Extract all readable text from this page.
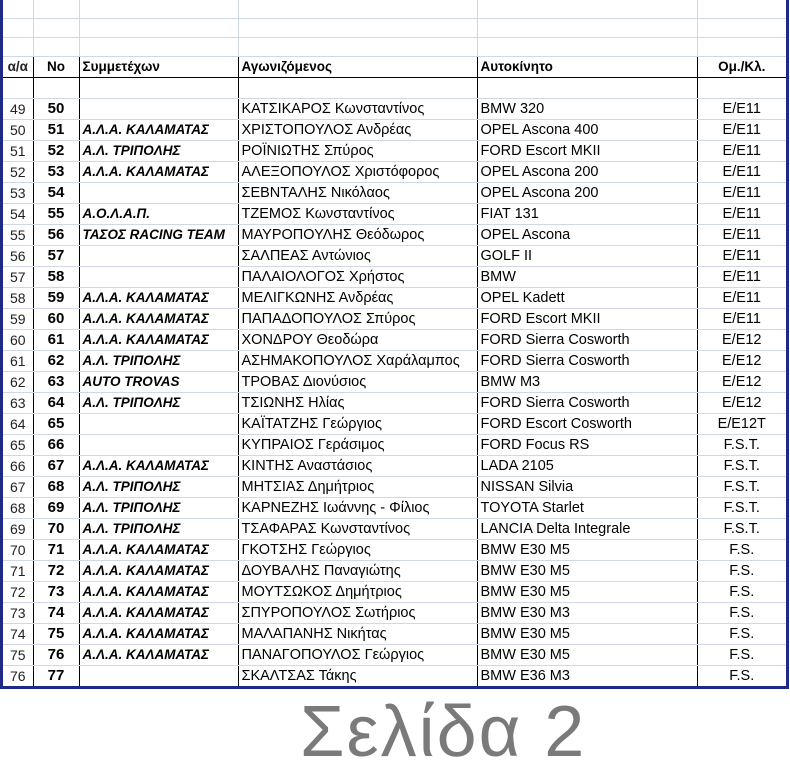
α/α	Νο	Συμμετέχων	Αγωνιζόμενος	Αυτοκίνητο	Ομ./Κλ.

49	50		ΚΑΤΣΙΚΑΡΟΣ Κωνσταντίνος	BMW 320	E/E11
50	51	Α.Λ.Α. ΚΑΛΑΜΑΤΑΣ	ΧΡΙΣΤΟΠΟΥΛΟΣ Ανδρέας	OPEL Ascona 400	E/E11
51	52	Α.Λ. ΤΡΙΠΟΛΗΣ	ΡΟΪΝΙΩΤΗΣ Σπύρος	FORD Escort MKII	E/E11
52	53	Α.Λ.Α. ΚΑΛΑΜΑΤΑΣ	ΑΛΕΞΟΠΟΥΛΟΣ Χριστόφορος	OPEL Ascona 200	E/E11
53	54		ΣΕΒΝΤΑΛΗΣ Νικόλαος	OPEL Ascona 200	E/E11
54	55	Α.Ο.Λ.Α.Π.	ΤΖΕΜΟΣ Κωνσταντίνος	FIAT 131	E/E11
55	56	ΤΑΣΟΣ RACING TEAM	ΜΑΥΡΟΠΟΥΛΗΣ Θεόδωρος	OPEL Ascona	E/E11
56	57		ΣΑΛΠΕΑΣ Αντώνιος	GOLF II	E/E11
57	58		ΠΑΛΑΙΟΛΟΓΟΣ Χρήστος	BMW	E/E11
58	59	Α.Λ.Α. ΚΑΛΑΜΑΤΑΣ	ΜΕΛΙΓΚΩΝΗΣ Ανδρέας	OPEL Kadett	E/E11
59	60	Α.Λ.Α. ΚΑΛΑΜΑΤΑΣ	ΠΑΠΑΔΟΠΟΥΛΟΣ Σπύρος	FORD Escort MKII	E/E11
60	61	Α.Λ.Α. ΚΑΛΑΜΑΤΑΣ	ΧΟΝΔΡΟΥ Θεοδώρα	FORD Sierra Cosworth	E/E12
61	62	Α.Λ. ΤΡΙΠΟΛΗΣ	ΑΣΗΜΑΚΟΠΟΥΛΟΣ Χαράλαμπος	FORD Sierra Cosworth	E/E12
62	63	AUTO TROVAS	ΤΡΟΒΑΣ Διονύσιος	BMW M3	E/E12
63	64	Α.Λ. ΤΡΙΠΟΛΗΣ	ΤΣΙΩΝΗΣ Ηλίας	FORD Sierra Cosworth	E/E12
64	65		ΚΑΪΤΑΤΖΗΣ Γεώργιος	FORD Escort Cosworth	E/E12T
65	66		ΚΥΠΡΑΙΟΣ Γεράσιμος	FORD Focus RS	F.S.T.
66	67	Α.Λ.Α. ΚΑΛΑΜΑΤΑΣ	ΚΙΝΤΗΣ Αναστάσιος	LADA 2105	F.S.T.
67	68	Α.Λ. ΤΡΙΠΟΛΗΣ	ΜΗΤΣΙΑΣ Δημήτριος	NISSAN Silvia	F.S.T.
68	69	Α.Λ. ΤΡΙΠΟΛΗΣ	ΚΑΡΝΕΖΗΣ Ιωάννης - Φίλιος	TOYOTA Starlet	F.S.T.
69	70	Α.Λ. ΤΡΙΠΟΛΗΣ	ΤΣΑΦΑΡΑΣ Κωνσταντίνος	LANCIA Delta Integrale	F.S.T.
70	71	Α.Λ.Α. ΚΑΛΑΜΑΤΑΣ	ΓΚΟΤΣΗΣ Γεώργιος	BMW E30 M5	F.S.
71	72	Α.Λ.Α. ΚΑΛΑΜΑΤΑΣ	ΔΟΥΒΑΛΗΣ Παναγιώτης	BMW E30 M5	F.S.
72	73	Α.Λ.Α. ΚΑΛΑΜΑΤΑΣ	ΜΟΥΤΣΩΚΟΣ Δημήτριος	BMW E30 M5	F.S.
73	74	Α.Λ.Α. ΚΑΛΑΜΑΤΑΣ	ΣΠΥΡΟΠΟΥΛΟΣ Σωτήριος	BMW E30 M3	F.S.
74	75	Α.Λ.Α. ΚΑΛΑΜΑΤΑΣ	ΜΑΛΑΠΑΝΗΣ Νικήτας	BMW E30 M5	F.S.
75	76	Α.Λ.Α. ΚΑΛΑΜΑΤΑΣ	ΠΑΝΑΓΟΠΟΥΛΟΣ Γεώργιος	BMW E30 M5	F.S.
76	77		ΣΚΑΛΤΣΑΣ Τάκης	BMW E36 M3	F.S.
Σελίδα 2
